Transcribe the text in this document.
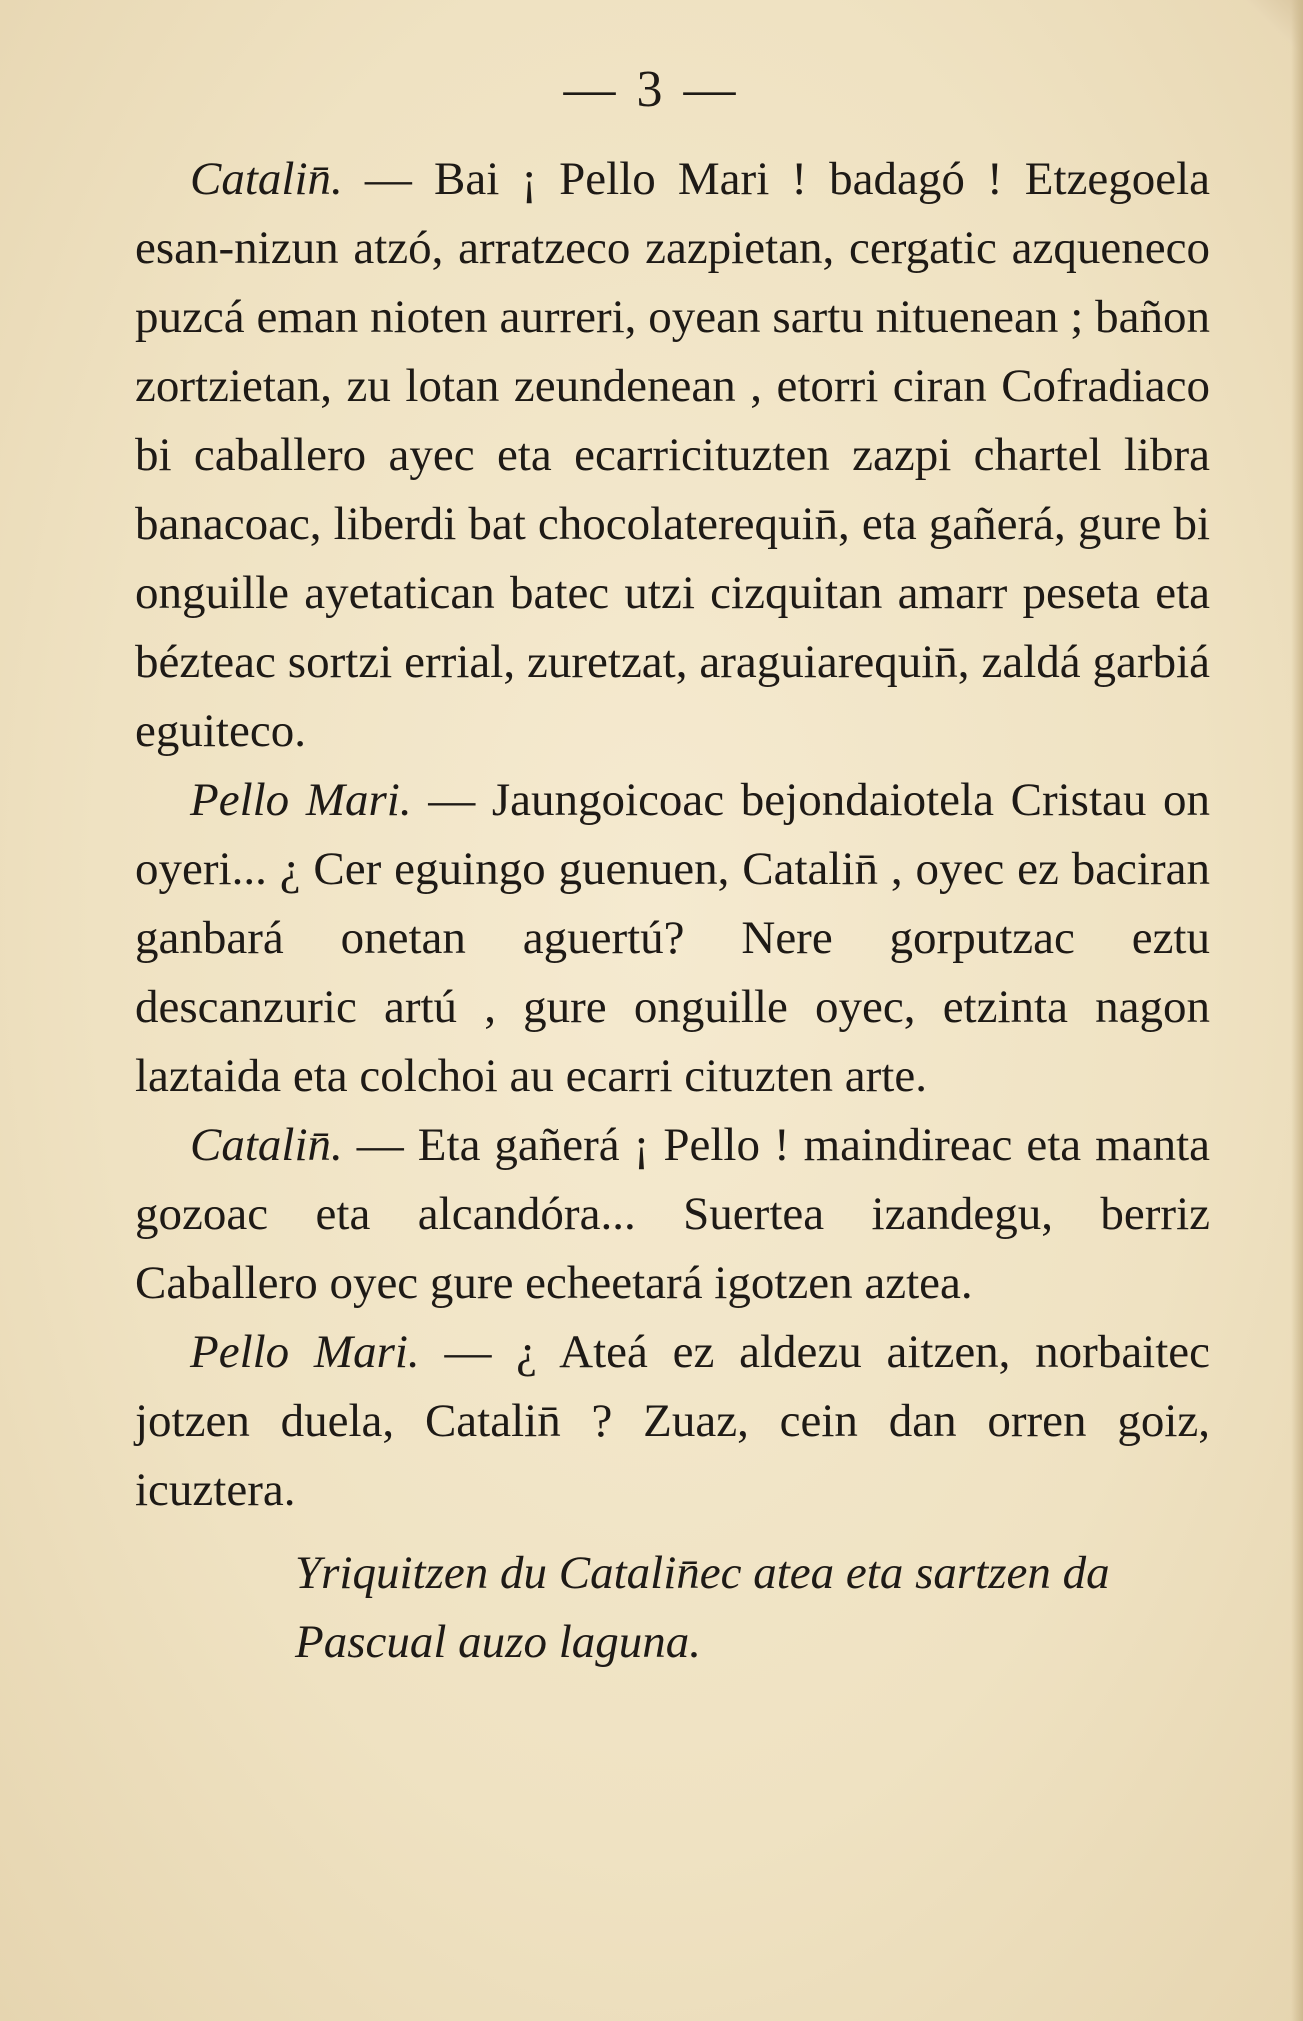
— 3 —

Catalin̄. — Bai ¡ Pello Mari ! badagó ! Etzegoela esan-nizun atzó, arratzeco zazpietan, cergatic azqueneco puzcá eman nioten aurreri, oyean sartu nituenean ; bañon zortzietan, zu lotan zeundenean , etorri ciran Cofradiaco bi caballero ayec eta ecarricituzten zazpi chartel libra banacoac, liberdi bat chocolaterequin̄, eta gañerá, gure bi onguille ayetatican batec utzi cizquitan amarr peseta eta bézteac sortzi errial, zuretzat, araguiarequin̄, zaldá garbiá eguiteco.

Pello Mari. — Jaungoicoac bejondaiotela Cristau on oyeri... ¿ Cer eguingo guenuen, Catalin̄ , oyec ez baciran ganbará onetan aguertú? Nere gorputzac eztu descanzuric artú , gure onguille oyec, etzinta nagon laztaida eta colchoi au ecarri cituzten arte.

Catalin̄. — Eta gañerá ¡ Pello ! maindireac eta manta gozoac eta alcandóra... Suertea izandegu, berriz Caballero oyec gure echeetará igotzen aztea.

Pello Mari. — ¿ Ateá ez aldezu aitzen, norbaitec jotzen duela, Catalin̄ ? Zuaz, cein dan orren goiz, icuztera.

Yriquitzen du Catalin̄ec atea eta sartzen da Pascual auzo laguna.
